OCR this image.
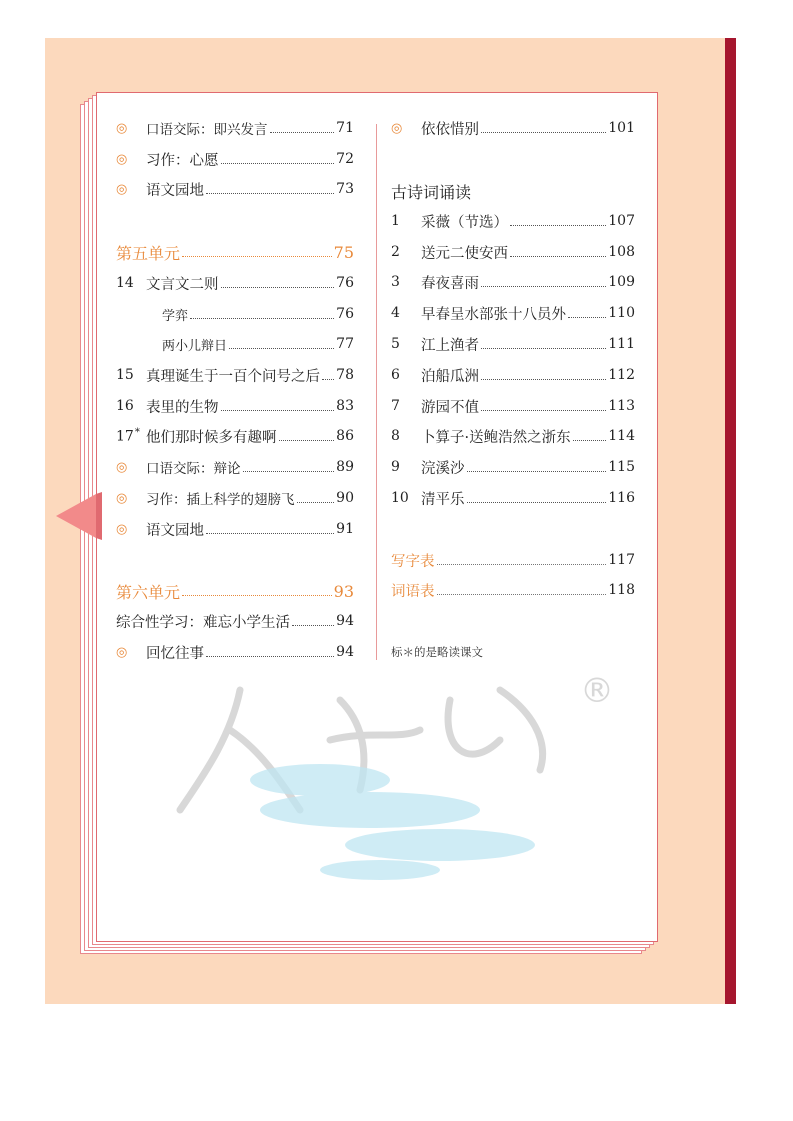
®
◎	口语交际：即兴发言	71
◎	习作：心愿	72
◎	语文园地	73
第五单元	75
14 文言文二则	76
学弈	76
两小儿辩日	77
15 真理诞生于一百个问号之后 78
16 表里的生物	83
17* 他们那时候多有趣啊	86
◎	口语交际：辩论	89
◎	习作：插上科学的翅膀飞	90
◎	语文园地	91
第六单元	93
综合性学习：难忘小学生活	94
◎	回忆往事	94
◎	依依惜别	101
古诗词诵读
1	采薇（节选）	107
2	送元二使安西	108
3	春夜喜雨	109
4	早春呈水部张十八员外	110
5	江上渔者	111
6	泊船瓜洲	112
7	游园不值	113
8	卜算子·送鲍浩然之浙东	114
9	浣溪沙	115
10 清平乐	116
写字表	117
词语表	118
标＊的是略读课文
